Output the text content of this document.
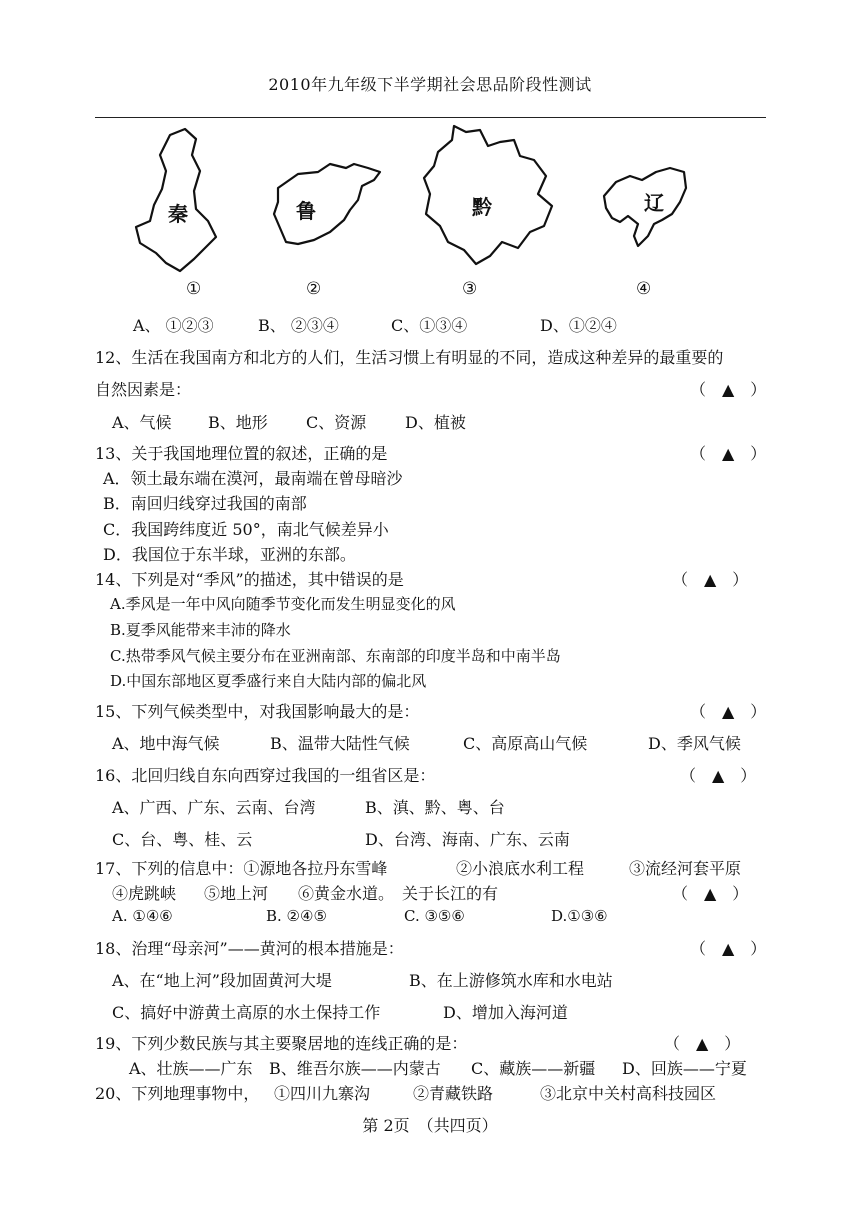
2010年九年级下半学期社会思品阶段性测试
秦	鲁	黔	辽
①	②	③	④
A、 ①②③	B、 ②③④	C、①③④	D、①②④
12、生活在我国南方和北方的人们，生活习惯上有明显的不同，造成这种差异的最重要的
自然因素是：	（　▲　）
A、气候 B、地形 C、资源 D、植被
13、关于我国地理位置的叙述，正确的是	（　▲　）
A．领土最东端在漠河，最南端在曾母暗沙
B．南回归线穿过我国的南部
C．我国跨纬度近 50°，南北气候差异小
D．我国位于东半球，亚洲的东部。
14、下列是对“季风”的描述，其中错误的是	（　▲　）
A.季风是一年中风向随季节变化而发生明显变化的风
B.夏季风能带来丰沛的降水
C.热带季风气候主要分布在亚洲南部、东南部的印度半岛和中南半岛
D.中国东部地区夏季盛行来自大陆内部的偏北风
15、下列气候类型中，对我国影响最大的是：	（　▲　）
A、地中海气候	B、温带大陆性气候	C、高原高山气候	D、季风气候
16、北回归线自东向西穿过我国的一组省区是：	（　▲　）
A、广西、广东、云南、台湾	B、滇、黔、粤、台
C、台、粤、桂、云	D、台湾、海南、广东、云南
17、下列的信息中：①源地各拉丹东雪峰	②小浪底水利工程	③流经河套平原
④虎跳峡 ⑤地上河 ⑥黄金水道。　关于长江的有	（　▲　）
A. ①④⑥	B. ②④⑤	C. ③⑤⑥	D.①③⑥
18、治理“母亲河”——黄河的根本措施是：	（　▲　）
A、在“地上河”段加固黄河大堤	B、在上游修筑水库和水电站
C、搞好中游黄土高原的水土保持工作	D、增加入海河道
19、下列少数民族与其主要聚居地的连线正确的是：	（　▲　）
A、壮族——广东 B、维吾尔族——内蒙古 C、藏族——新疆 D、回族——宁夏
20、下列地理事物中， ①四川九寨沟	②青藏铁路	③北京中关村高科技园区
第 2页　（共四页）
